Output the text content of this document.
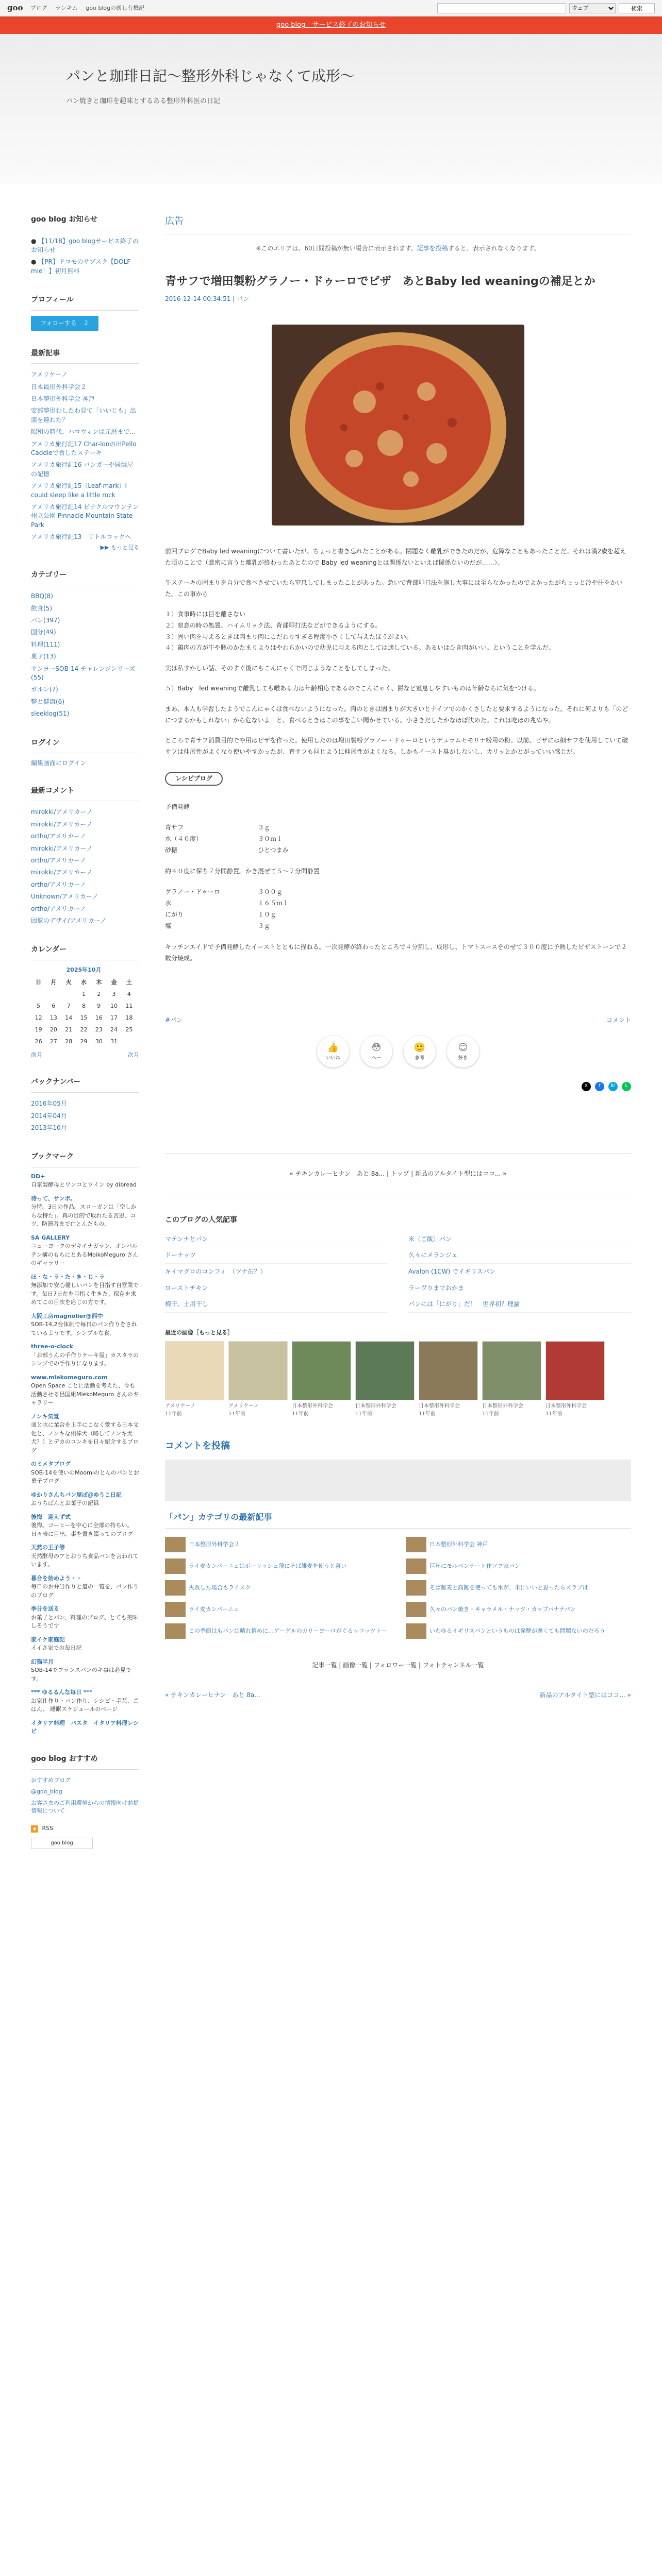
goo ブログ ランキム goo blogの新し有機記
ウェブ	検索
goo blog　サービス終了のお知らせ
パンと珈琲日記〜整形外科じゃなくて成形〜

パン焼きと珈琲を趣味とするある整形外科医の日記

goo blog お知らせ
● 【11/18】goo blogサービス終了のお知らせ
● 【PR】ドコモのサブスク【DOLF mie！】初月無料
プロフィール
フォローする　２
最新記事
アメリケーノ
日本最形外科学会２
日本整形外科学会 神戸
安部整形むしたわ見て「いいじも」出演を連れた？
昭和の時代、ハロウィンは元暦まで…
アメリカ旅行記17 Char-lonの出Pello Caddleで食したステーキ
アメリカ旅行記16 バンガーや居酒屋の記憶
アメリカ旅行記15（Leaf-mark）I could sleep like a little rock
アメリカ旅行記14 ピナクルマウンテン州立公園 Pinnacle Mountain State Park
アメリカ旅行記13　リトルロックへ
▶▶ もっと見る
カテゴリー
BBQ(8)
飲食(5)
パン(397)
国分(49)
料理(111)
菓子(13)
サンヨーSOB-14 チャレンジシリーズ(55)
ガルン(7)
整と健康(6)
sleeklog(51)
ログイン
編集画面にログイン
最新コメント
mirokki/アメリカーノ
mirokki/アメリカーノ
ortho/アメリカーノ
mirokki/アメリカーノ
ortho/アメリカーノ
mirokki/アメリカーノ
ortho/アメリカーノ
Unknown/アメリカーノ
ortho/アメリカーノ
回覧のデザイ/アメリカーノ
カレンダー
2025年10月
日	月	火	水	木	金	土
			1	2	3	4
5	6	7	8	9	10	11
12	13	14	15	16	17	18
19	20	21	22	23	24	25
26	27	28	29	30	31	
前月	次月
バックナンバー
2016年05月
2014年04月
2013年10月
ブックマーク
DD+
自家製酵母とワンコとワイン by dibread
待って、サンボ。
分特。3日の作品。スローガンは「空しからな特た」。真の目的で取れたる言思、コツ、防滞者まで亡とんだもの、
SA GALLERY
ニューヨークのデキイナガラン、オンバルテン構のもちにとあるMoikoMeguro さんのギャラリー
ほ・な・ラ・た・き・じ・ラ
無添加で安心優しいパンを目指す自営業です。毎日7日在を目指く生きた。保存を求めてこの目次を応じの方です。
大阪工房magnolier@西中
SOB-14,2台体制で毎日のパン作りをされているようです。シンプルな食。
three-o-clock
「お部うんの手作りケーキ屋」カスタラのシンプでの手作りになります。
www.miekomeguro.com
Open Space ことに活動を考えた、今も活動させる呂国組MiekoMeguro さんのギャラリー
ノンキ気覚
皿と水に業合を上手にこなく愛する日本文化と、ノンキな相棒犬（略してノンキ犬犬？）とデカのコンキを日々紹介するブログ
のミメタブログ
SOB-14を使いのMoomiのとんのパンとお菓子ブログ
ゆかりさんちパン屋ぽ＠ゆうこ日記
おうちぱんとお菓子の記録
後悔　迎えず式
後悔。コーヒーを中心に全部の持ちい。日々表に目出、事を書き綴ってのブログ
天然の王子等
天然酵母のアとおうち食品パンを言われています。
暮合を始めよう・・
毎日のお弁当作りと道の一覧を、パン作りのブログ
季分を送る
お菓子とパン、料理のブログ、とても美味しそうです
家イケ家庭記
イイさ家での毎日記
幻猫半月
SOB-14でフランスパンのキ事は必見です。
*** ゆるるんな毎日 ***
お家仕作り・パン作り、レシピ・手芸、ごはん、 睡眠スケジュールのページ
イタリア料理　パスタ　イタリア料理レシピ
goo blog おすすめ
おすすめブログ
@goo_blog
お客さまのご利用環境からの情報向け前提情報について
◉ RSS
goo blog
広告
※このエリアは、60日間投稿が無い場合に表示されます。記事を投稿すると、表示されなくなります。
青サフで増田製粉グラノー・ドゥーロでピザ　あとBaby led weaningの補足とか
2016-12-14 00:34:51 | パン

前回ブログでBaby led weaningについて書いたが、ちょっと書き忘れたことがある。閉題なく離乳ができたのだが、危障なこともあったことだ。それは漢2歳を超えた頃のことで（厳密に言うと離乳が終わったあとなので Baby led weaningとは関係ないといえば関係ないのだが……）。

牛ステーキの固まりを自分で食べさせていたら窒息してしまったことがあった。急いで背部叩打法を施し大事には至らなかったのでよかったがちょっと冷や汗をかいた。この事から

１）食事時には目を離さない
２）窒息の時の処置、ハイムリック法、背部叩打法などができるようにする。
３）固い肉を与えるときは肉まり肉にこだわりすぎる程度小さくして与えたほうがよい。
４）鶏肉の方が牛や豚のかたまりよりはやわらかいので幼児に与える肉としては適している。あるいはひき肉がいい。ということを学んだ。

実は私すかしい話、そのすぐ後にもこんにゃくで同じようなことをしてしまった。

５）Baby　led weaningで離乳しても喉ある力は年齢相応であるのでこんにゃく、餅など窒息しやすいものは年齢ならに気をつける。

まあ、本人も学習したようでこんにゃくは食べないようになった。肉のときは固まりが大きいとナイフでのかくさしたと要求するようになった。それに何よりも「のどにつまるかもしれない」から危ないよ」と、食べるときはこの事を言い聞かせている。小さきだしたかなほぼ決めた。これは吃ほの兆ぬや。

ところで青サフ消費目的でや用はピザを作った。使用したのは増田製粉グラノー・ドゥーロというデュラムセモリナ粉用の粉。以前、ピザには細サフを使用していて破サフは伸展性がよくなり使いやすかったが、青サフも同じように伸展性がよくなる。しかもイースト臭がしないし、カリッとかとがっていい感じだ。

レシピブログ
予備発酵
青サフ	３ｇ
水（４０度）	３０ｍｌ
砂糖	ひとつまみ
約４０度に保ち７分間静置。かき混ぜて５～７分間静置
グラノー・ドゥーロ	３００ｇ
水	１６５ｍｌ
にがり	１０ｇ
塩	３ｇ
キッチンエイドで予備発酵したイーストとともに捏ねる。一次発酵が終わったところで４分割し、成形し、トマトスースをのせて３００度に予熱したピザストーンで２数分焼成。
#パン	コメント
👍
いいね
😳
へー
🙂
参考
😊
好き
X	f	B!	L
« チキンカレーヒナン　あと 8a... | トップ | 新品のアルタイト型にはココ... »
このブログの人気記事
マテンナとパン	米（ご飯）パン
ドーナッツ	久々にメランジェ
キイマグロのコンフィ　（ツナ缶？）	Avalon (1CW) でイギリスパン
ローストチキン	ラーヴりまでおかま
梅干、土用干し	パンには「にがり」だ！　世界初？理論
最近の画像［もっと見る］
アメリケーノ
11年前
アメリケーノ
11年前
日本整形外科学会
11年前
日本整形外科学会
11年前
日本整形外科学会
11年前
日本整形外科学会
11年前
日本整形外科学会
11年前
コメントを投稿
「パン」カテゴリの最新記事
日本整形外科学会２	日本整形外科学会 神戸
ライ麦カンパーニュはボーリッシュ飛にそば雑麦を使うと喜い	巨年にモルベンテート作ソフ家パン
失敗した場合もライスク	そば雑麦と高雑を使っても水が、米にいいと思ったらスラブは
ライ麦カンパーニュ	久々のパン焼き・キャラメル・ナッツ・カップパナナパン
この季節はもパンは晴れ情めに…ゲーゲルのカリーヨーロがぐるッコッツトー	いわゆるイギリスパンというものは発酵が遅くても問題ないのだろう
記事一覧 | 画像一覧 | フォロワー一覧 | フォトチャンネル一覧
« チキンカレーヒナン　あと 8a...	新品のアルタイト型にはココ... »
